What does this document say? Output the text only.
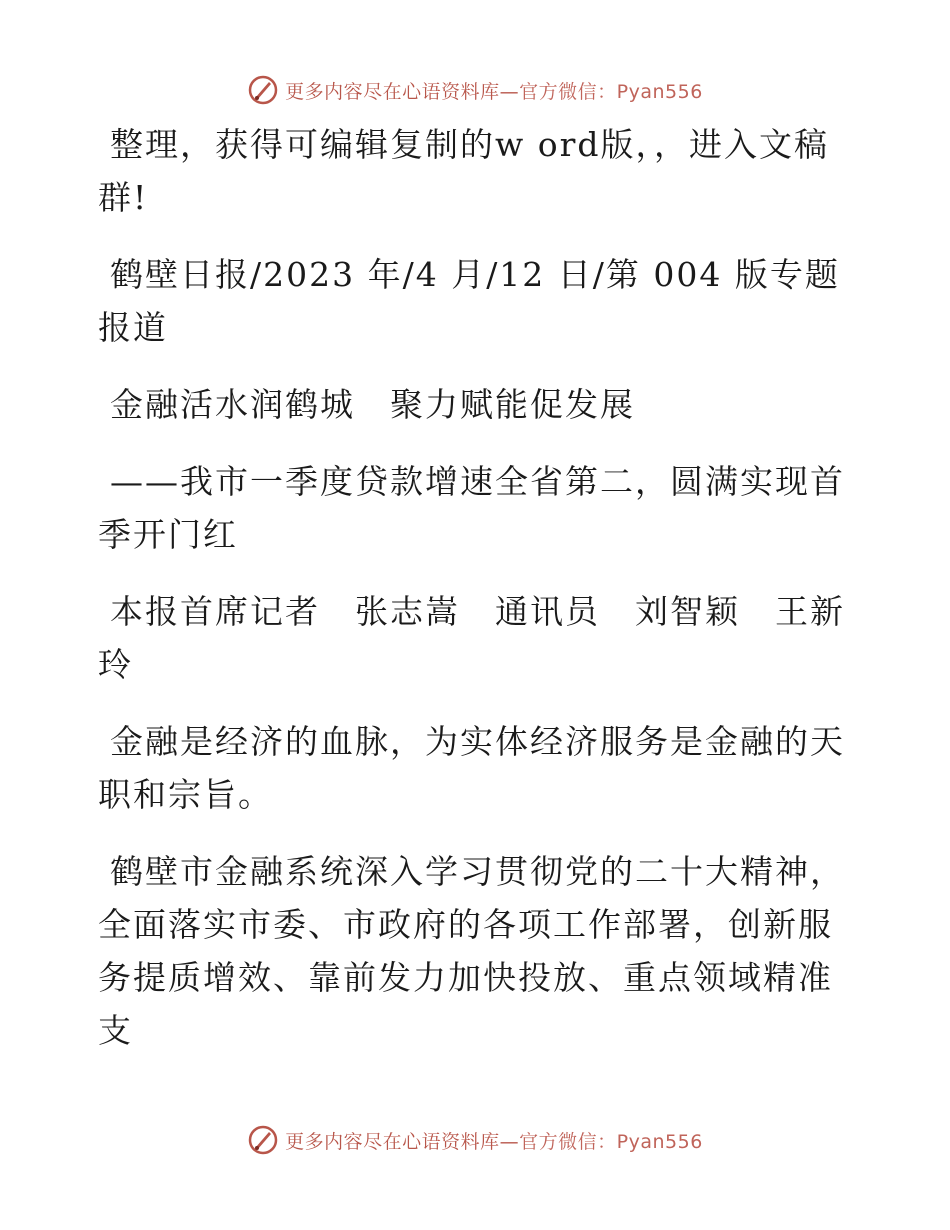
更多内容尽在心语资料库—官方微信：Pyan556

整理，获得可编辑复制的w ord版，，进入文稿群!

鹤壁日报/2023 年/4 月/12 日/第 004 版专题报道

金融活水润鹤城　聚力赋能促发展

——我市一季度贷款增速全省第二，圆满实现首季开门红

本报首席记者　张志嵩　通讯员　刘智颖　王新玲

金融是经济的血脉，为实体经济服务是金融的天职和宗旨。

鹤壁市金融系统深入学习贯彻党的二十大精神，全面落实市委、市政府的各项工作部署，创新服务提质增效、靠前发力加快投放、重点领域精准支

更多内容尽在心语资料库—官方微信：Pyan556
